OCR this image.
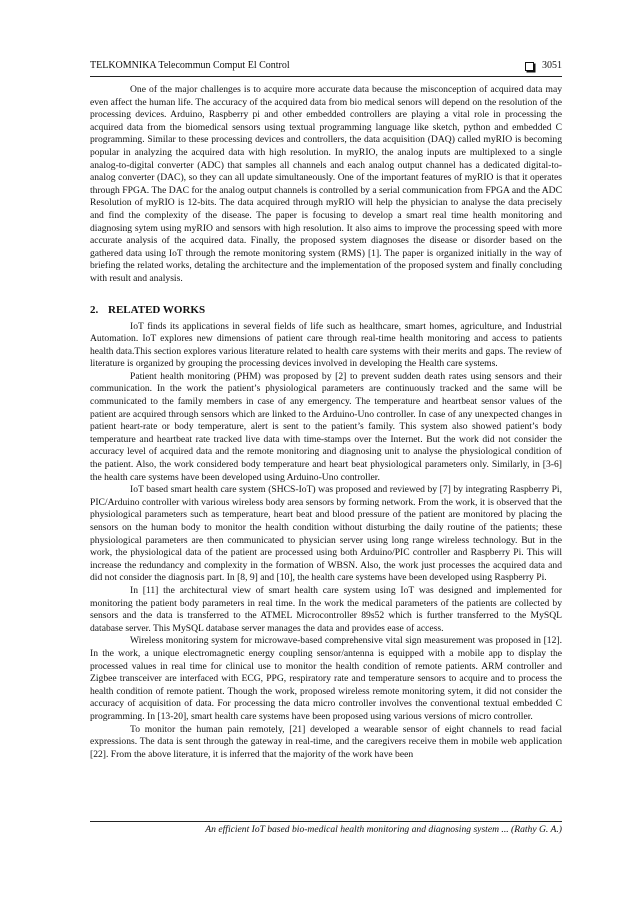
TELKOMNIKA Telecommun Comput El Control	3051

One of the major challenges is to acquire more accurate data because the misconception of acquired data may even affect the human life. The accuracy of the acquired data from bio medical senors will depend on the resolution of the processing devices. Arduino, Raspberry pi and other embedded controllers are playing a vital role in processing the acquired data from the biomedical sensors using textual programming language like sketch, python and embedded C programming. Similar to these processing devices and controllers, the data acquisition (DAQ) called myRIO is becoming popular in analyzing the acquired data with high resolution. In myRIO, the analog inputs are multiplexed to a single analog-to-digital converter (ADC) that samples all channels and each analog output channel has a dedicated digital-to-analog converter (DAC), so they can all update simultaneously. One of the important features of myRIO is that it operates through FPGA. The DAC for the analog output channels is controlled by a serial communication from FPGA and the ADC Resolution of myRIO is 12-bits. The data acquired through myRIO will help the physician to analyse the data precisely and find the complexity of the disease. The paper is focusing to develop a smart real time health monitoring and diagnosing sytem using myRIO and sensors with high resolution. It also aims to improve the processing speed with more accurate analysis of the acquired data. Finally, the proposed system diagnoses the disease or disorder based on the gathered data using IoT through the remote monitoring system (RMS) [1]. The paper is organized initially in the way of briefing the related works, detaling the architecture and the implementation of the proposed system and finally concluding with result and analysis.

2. RELATED WORKS

IoT finds its applications in several fields of life such as healthcare, smart homes, agriculture, and Industrial Automation. IoT explores new dimensions of patient care through real-time health monitoring and access to patients health data.This section explores various literature related to health care systems with their merits and gaps. The review of literature is organized by grouping the processing devices involved in developing the Health care systems.

Patient health monitoring (PHM) was proposed by [2] to prevent sudden death rates using sensors and their communication. In the work the patient’s physiological parameters are continuously tracked and the same will be communicated to the family members in case of any emergency. The temperature and heartbeat sensor values of the patient are acquired through sensors which are linked to the Arduino-Uno controller. In case of any unexpected changes in patient heart-rate or body temperature, alert is sent to the patient’s family. This system also showed patient’s body temperature and heartbeat rate tracked live data with time-stamps over the Internet. But the work did not consider the accuracy level of acquired data and the remote monitoring and diagnosing unit to analyse the physiological condition of the patient. Also, the work considered body temperature and heart beat physiological parameters only. Similarly, in [3-6] the health care systems have been developed using Arduino-Uno controller.

IoT based smart health care system (SHCS-IoT) was proposed and reviewed by [7] by integrating Raspberry Pi, PIC/Arduino controller with various wireless body area sensors by forming network. From the work, it is observed that the physiological parameters such as temperature, heart beat and blood pressure of the patient are monitored by placing the sensors on the human body to monitor the health condition without disturbing the daily routine of the patients; these physiological parameters are then communicated to physician server using long range wireless technology. But in the work, the physiological data of the patient are processed using both Arduino/PIC controller and Raspberry Pi. This will increase the redundancy and complexity in the formation of WBSN. Also, the work just processes the acquired data and did not consider the diagnosis part. In [8, 9] and [10], the health care systems have been developed using Raspberry Pi.

In [11] the architectural view of smart health care system using IoT was designed and implemented for monitoring the patient body parameters in real time. In the work the medical parameters of the patients are collected by sensors and the data is transferred to the ATMEL Microcontroller 89s52 which is further transferred to the MySQL database server. This MySQL database server manages the data and provides ease of access.

Wireless monitoring system for microwave-based comprehensive vital sign measurement was proposed in [12]. In the work, a unique electromagnetic energy coupling sensor/antenna is equipped with a mobile app to display the processed values in real time for clinical use to monitor the health condition of remote patients. ARM controller and Zigbee transceiver are interfaced with ECG, PPG, respiratory rate and temperature sensors to acquire and to process the health condition of remote patient. Though the work, proposed wireless remote monitoring sytem, it did not consider the accuracy of acquisition of data. For processing the data micro controller involves the conventional textual embedded C programming. In [13-20], smart health care systems have been proposed using various versions of micro controller.

To monitor the human pain remotely, [21] developed a wearable sensor of eight channels to read facial expressions. The data is sent through the gateway in real-time, and the caregivers receive them in mobile web application [22]. From the above literature, it is inferred that the majority of the work have been

An efficient IoT based bio-medical health monitoring and diagnosing system ... (Rathy G. A.)
